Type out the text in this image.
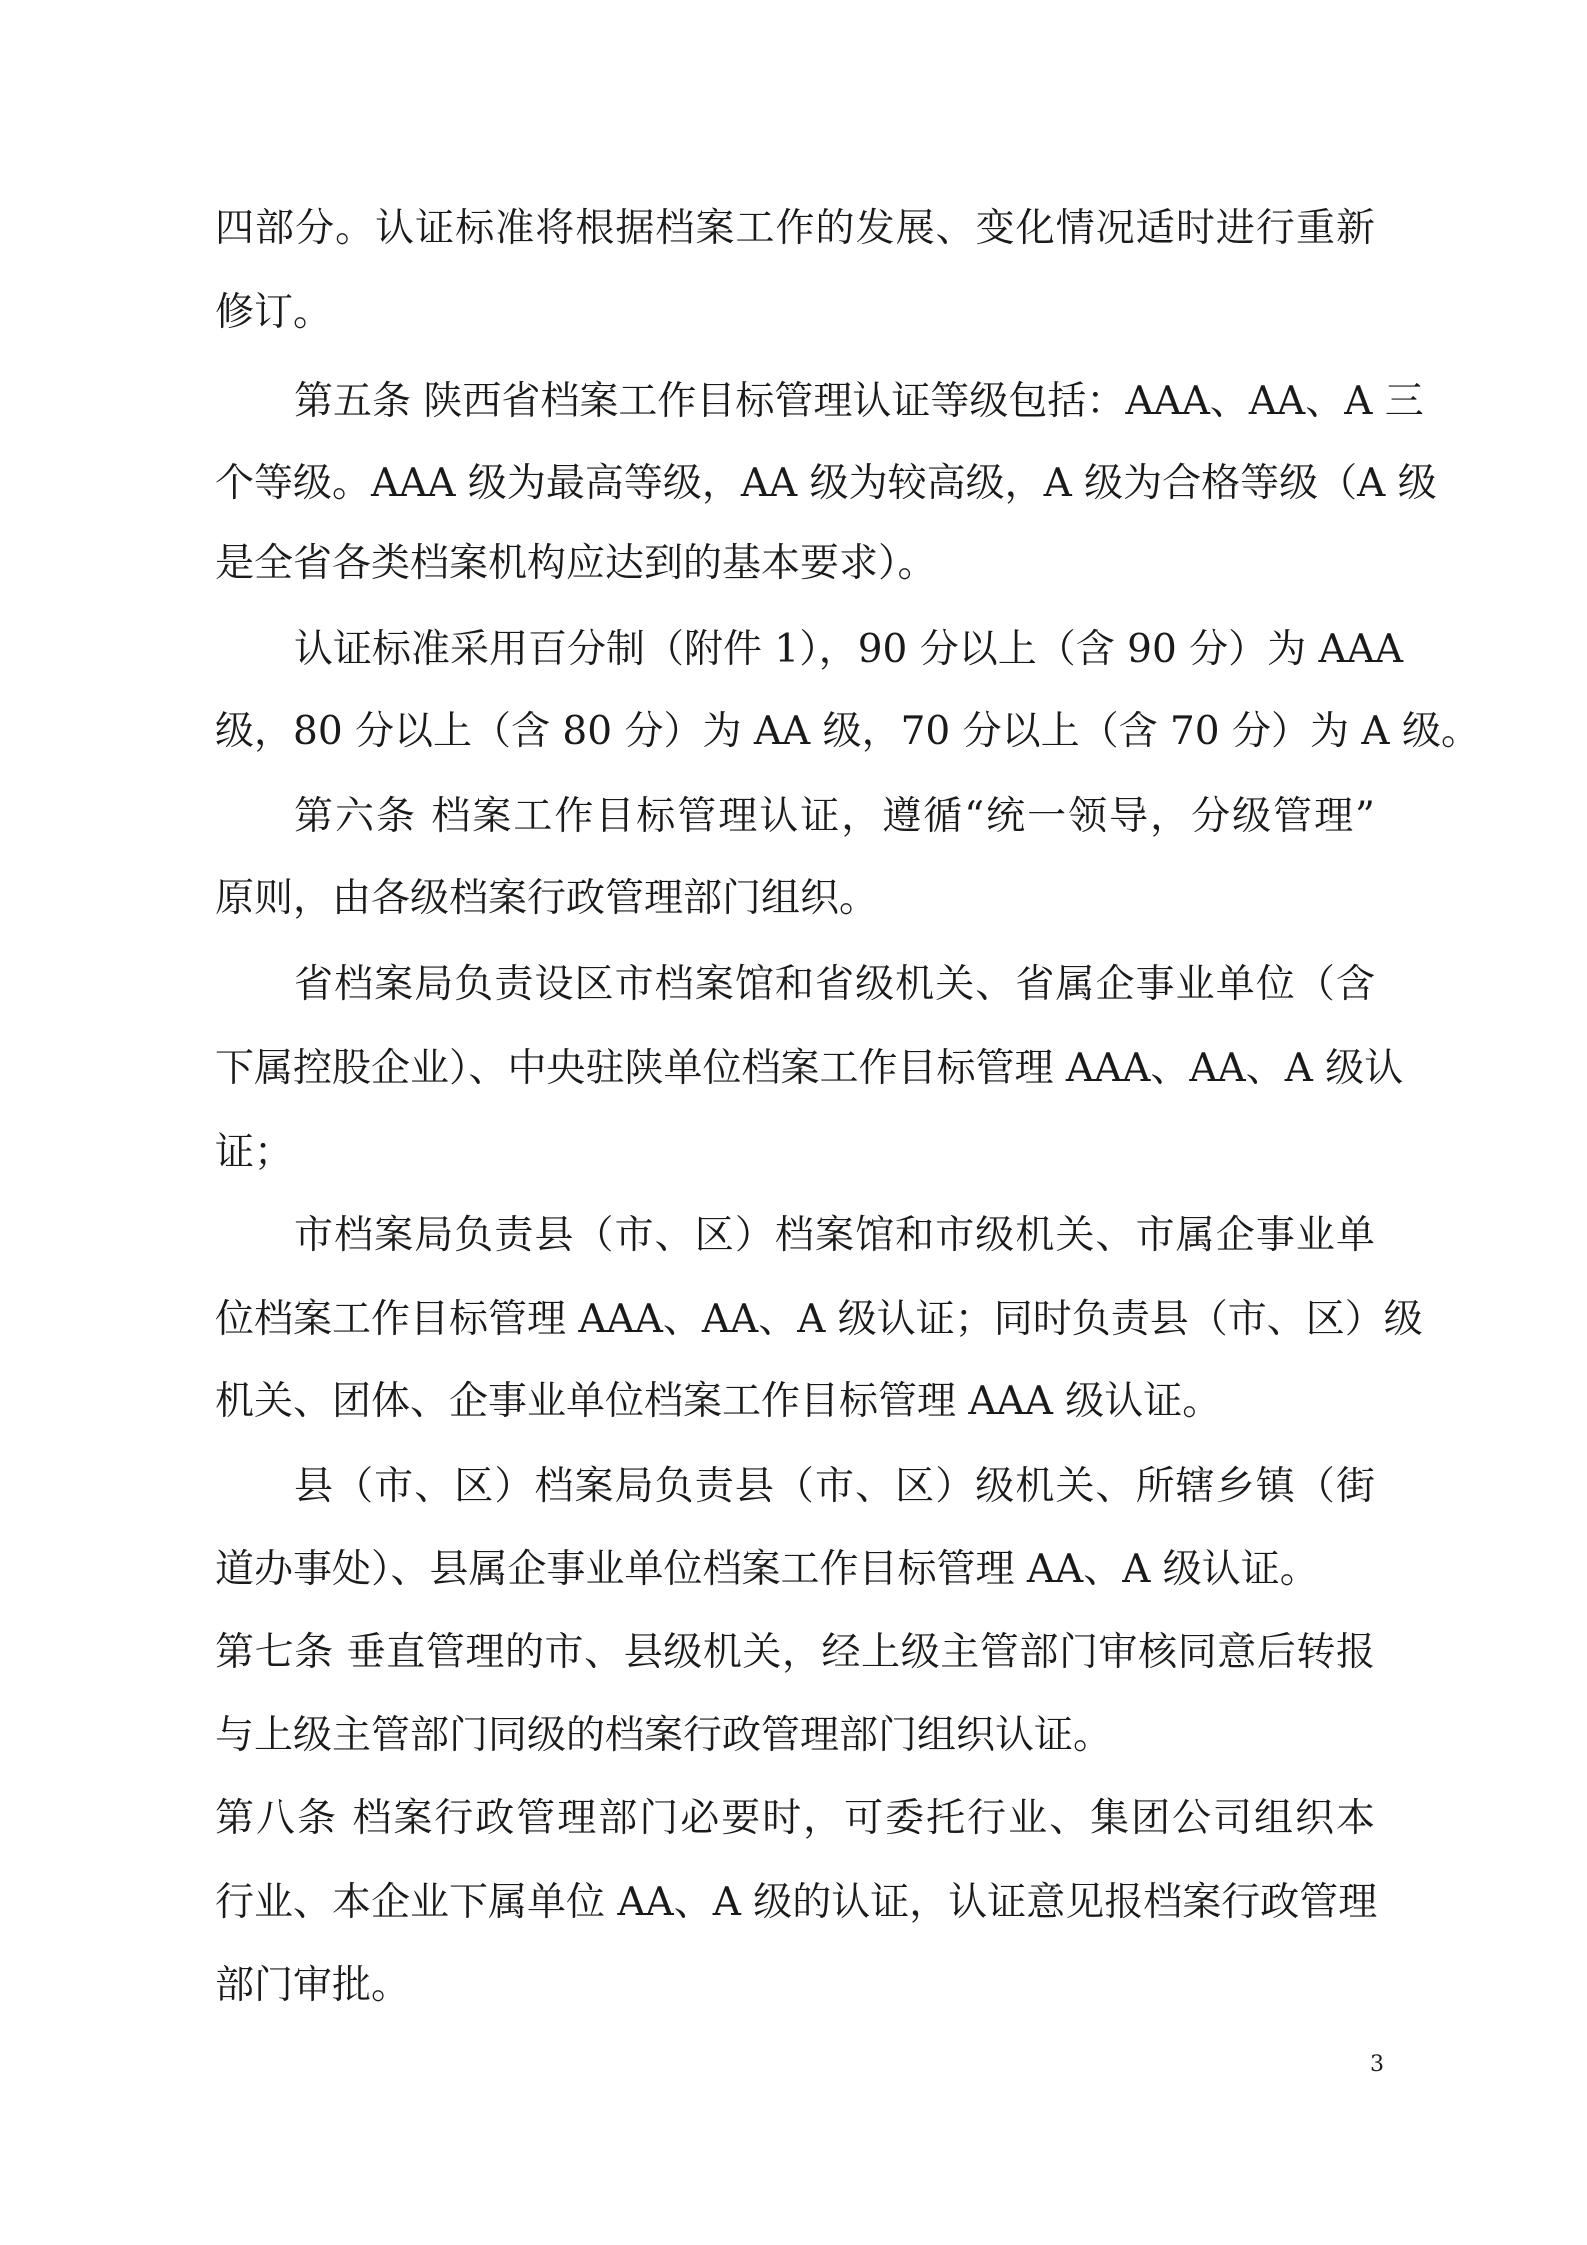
四部分。认证标准将根据档案工作的发展、变化情况适时进行重新
修订。
第五条 陕西省档案工作目标管理认证等级包括：AAA、AA、A 三
个等级。AAA 级为最高等级，AA 级为较高级，A 级为合格等级（A 级
是全省各类档案机构应达到的基本要求）。
认证标准采用百分制（附件 1），90 分以上（含 90 分）为 AAA
级，80 分以上（含 80 分）为 AA 级，70 分以上（含 70 分）为 A 级。
第六条 档案工作目标管理认证，遵循“统一领导，分级管理”
原则，由各级档案行政管理部门组织。
省档案局负责设区市档案馆和省级机关、省属企事业单位（含
下属控股企业）、中央驻陕单位档案工作目标管理 AAA、AA、A 级认
证；
市档案局负责县（市、区）档案馆和市级机关、市属企事业单
位档案工作目标管理 AAA、AA、A 级认证；同时负责县（市、区）级
机关、团体、企事业单位档案工作目标管理 AAA 级认证。
县（市、区）档案局负责县（市、区）级机关、所辖乡镇（街
道办事处）、县属企事业单位档案工作目标管理 AA、A 级认证。
第七条 垂直管理的市、县级机关，经上级主管部门审核同意后转报
与上级主管部门同级的档案行政管理部门组织认证。
第八条 档案行政管理部门必要时，可委托行业、集团公司组织本
行业、本企业下属单位 AA、A 级的认证，认证意见报档案行政管理
部门审批。
3
